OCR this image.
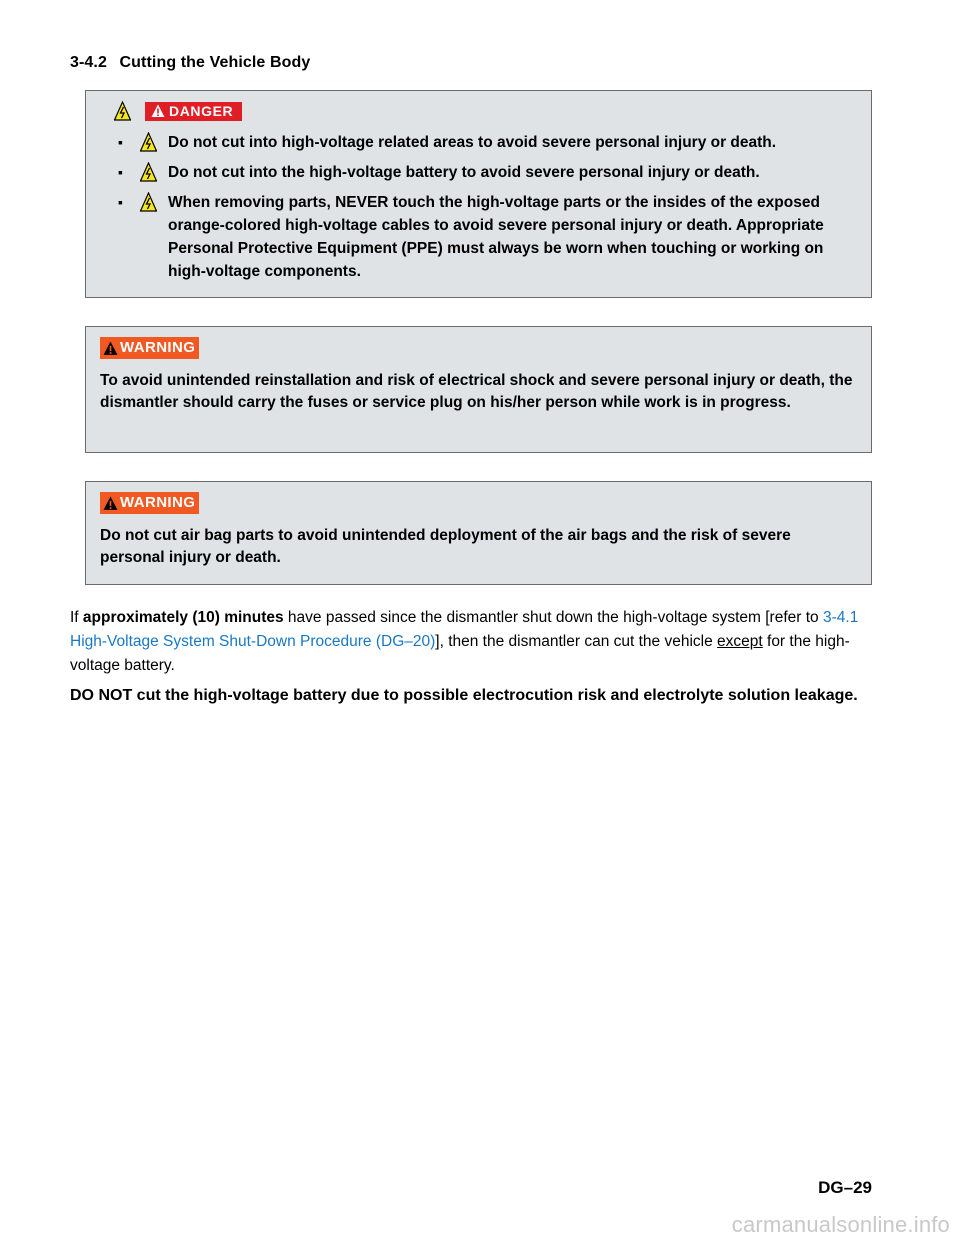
3-4.2 Cutting the Vehicle Body
DANGER
▪	Do not cut into high-voltage related areas to avoid severe personal injury or death.
▪	Do not cut into the high-voltage battery to avoid severe personal injury or death.
▪	When removing parts, NEVER touch the high-voltage parts or the insides of the exposed orange-colored high-voltage cables to avoid severe personal injury or death. Appropriate Personal Protective Equipment (PPE) must always be worn when touching or working on high-voltage components.
WARNING

To avoid unintended reinstallation and risk of electrical shock and severe personal injury or death, the dismantler should carry the fuses or service plug on his/her person while work is in progress.

WARNING

Do not cut air bag parts to avoid unintended deployment of the air bags and the risk of severe personal injury or death.

If approximately (10) minutes have passed since the dismantler shut down the high-voltage system [refer to 3-4.1 High-Voltage System Shut-Down Procedure (DG–20)], then the dismantler can cut the vehicle except for the high-voltage battery.

DO NOT cut the high-voltage battery due to possible electrocution risk and electrolyte solution leakage.

DG–29
carmanualsonline.info
